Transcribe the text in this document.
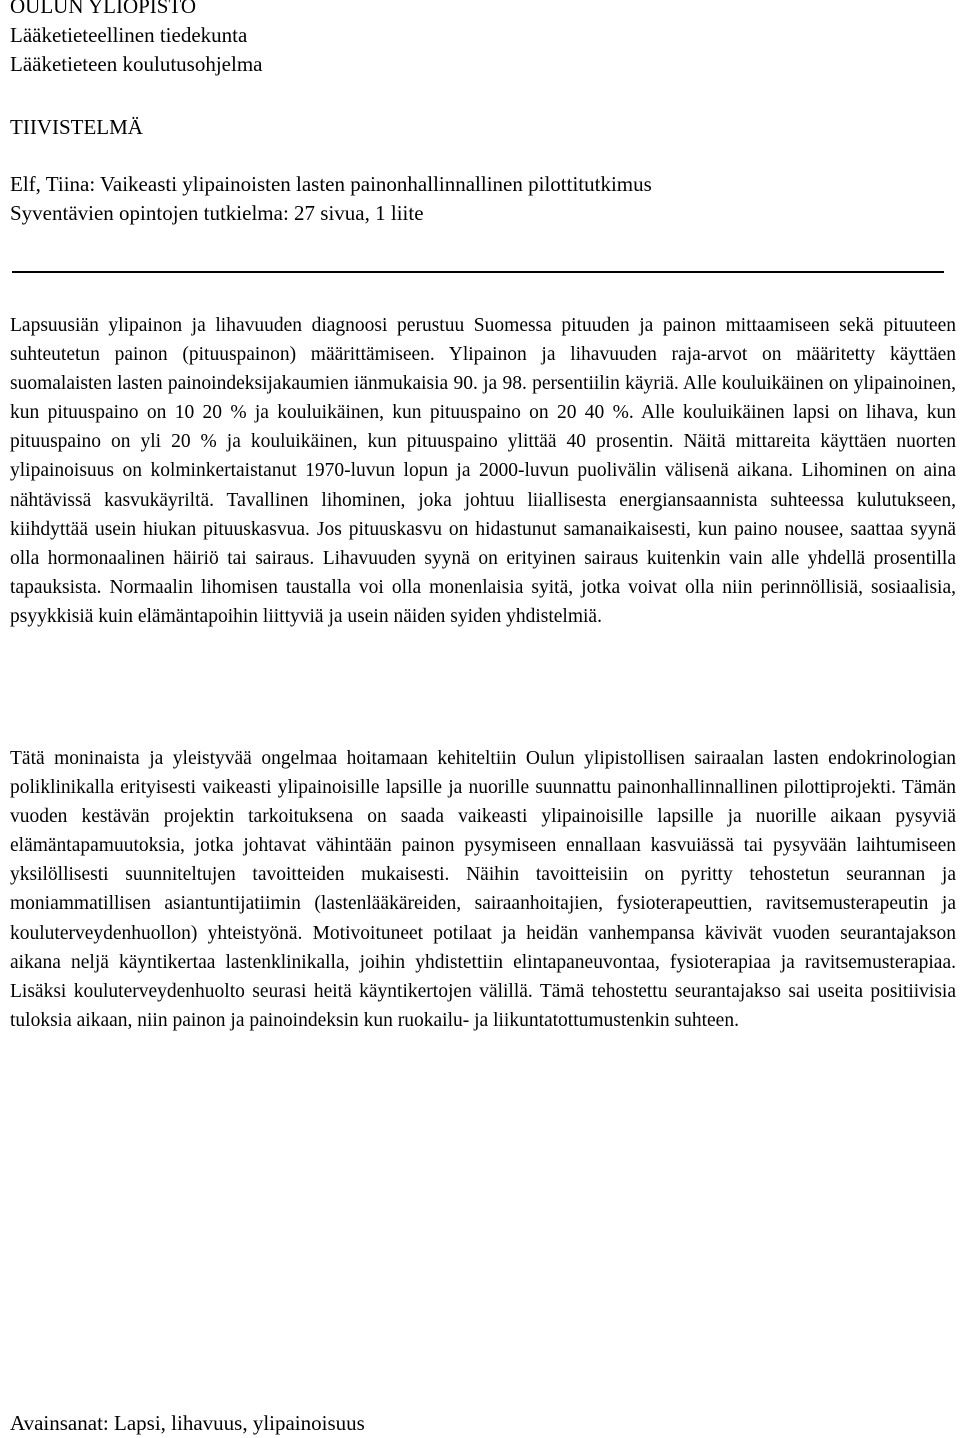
OULUN YLIOPISTO
Lääketieteellinen tiedekunta
Lääketieteen koulutusohjelma
TIIVISTELMÄ
Elf, Tiina: Vaikeasti ylipainoisten lasten painonhallinnallinen pilottitutkimus
Syventävien opintojen tutkielma: 27 sivua, 1 liite

Lapsuusiän ylipainon ja lihavuuden diagnoosi perustuu Suomessa pituuden ja painon mittaamiseen sekä pituuteen suhteutetun painon (pituuspainon) määrittämiseen. Ylipainon ja lihavuuden raja-arvot on määritetty käyttäen suomalaisten lasten painoindeksijakaumien iänmukaisia 90. ja 98. persentiilin käyriä. Alle kouluikäinen on ylipainoinen, kun pituuspaino on 10 20 % ja kouluikäinen, kun pituuspaino on 20 40 %. Alle kouluikäinen lapsi on lihava, kun pituuspaino on yli 20 % ja kouluikäinen, kun pituuspaino ylittää 40 prosentin. Näitä mittareita käyttäen nuorten ylipainoisuus on kolminkertaistanut 1970-luvun lopun ja 2000-luvun puolivälin välisenä aikana. Lihominen on aina nähtävissä kasvukäyriltä. Tavallinen lihominen, joka johtuu liiallisesta energiansaannista suhteessa kulutukseen, kiihdyttää usein hiukan pituuskasvua. Jos pituuskasvu on hidastunut samanaikaisesti, kun paino nousee, saattaa syynä olla hormonaalinen häiriö tai sairaus. Lihavuuden syynä on erityinen sairaus kuitenkin vain alle yhdellä prosentilla tapauksista. Normaalin lihomisen taustalla voi olla monenlaisia syitä, jotka voivat olla niin perinnöllisiä, sosiaalisia, psyykkisiä kuin elämäntapoihin liittyviä ja usein näiden syiden yhdistelmiä.

Tätä moninaista ja yleistyvää ongelmaa hoitamaan kehiteltiin Oulun ylipistollisen sairaalan lasten endokrinologian poliklinikalla erityisesti vaikeasti ylipainoisille lapsille ja nuorille suunnattu painonhallinnallinen pilottiprojekti. Tämän vuoden kestävän projektin tarkoituksena on saada vaikeasti ylipainoisille lapsille ja nuorille aikaan pysyviä elämäntapamuutoksia, jotka johtavat vähintään painon pysymiseen ennallaan kasvuiässä tai pysyvään laihtumiseen yksilöllisesti suunniteltujen tavoitteiden mukaisesti. Näihin tavoitteisiin on pyritty tehostetun seurannan ja moniammatillisen asiantuntijatiimin (lastenlääkäreiden, sairaanhoitajien, fysioterapeuttien, ravitsemusterapeutin ja kouluterveydenhuollon) yhteistyönä. Motivoituneet potilaat ja heidän vanhempansa kävivät vuoden seurantajakson aikana neljä käyntikertaa lastenklinikalla, joihin yhdistettiin elintapaneuvontaa, fysioterapiaa ja ravitsemusterapiaa. Lisäksi kouluterveydenhuolto seurasi heitä käyntikertojen välillä. Tämä tehostettu seurantajakso sai useita positiivisia tuloksia aikaan, niin painon ja painoindeksin kun ruokailu- ja liikuntatottumustenkin suhteen.

Avainsanat: Lapsi, lihavuus, ylipainoisuus
